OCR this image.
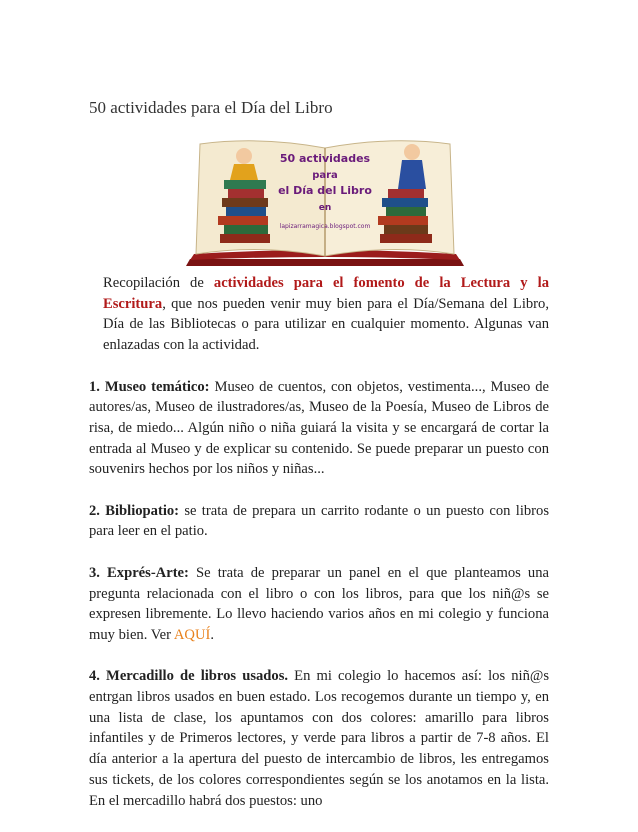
50 actividades para el Día del Libro
50 actividades
para
el Día del Libro
en
lapizarramagica.blogspot.com

Recopilación de actividades para el fomento de la Lectura y la Escritura, que nos pueden venir muy bien para el Día/Semana del Libro, Día de las Bibliotecas o para utilizar en cualquier momento. Algunas van enlazadas con la actividad.

1. Museo temático: Museo de cuentos, con objetos, vestimenta..., Museo de autores/as, Museo de ilustradores/as, Museo de la Poesía, Museo de Libros de risa, de miedo... Algún niño o niña guiará la visita y se encargará de cortar la entrada al Museo y de explicar su contenido. Se puede preparar un puesto con souvenirs hechos por los niños y niñas...

2. Bibliopatio: se trata de prepara un carrito rodante o un puesto con libros para leer en el patio.

3. Exprés-Arte: Se trata de preparar un panel en el que planteamos una pregunta relacionada con el libro o con los libros, para que los niñ@s se expresen libremente. Lo llevo haciendo varios años en mi colegio y funciona muy bien. Ver AQUÍ.

4. Mercadillo de libros usados. En mi colegio lo hacemos así: los niñ@s entrgan libros usados en buen estado. Los recogemos durante un tiempo y, en una lista de clase, los apuntamos con dos colores: amarillo para libros infantiles y de Primeros lectores, y verde para libros a partir de 7-8 años. El día anterior a la apertura del puesto de intercambio de libros, les entregamos sus tickets, de los colores correspondientes según se los anotamos en la lista. En el mercadillo habrá dos puestos: uno
